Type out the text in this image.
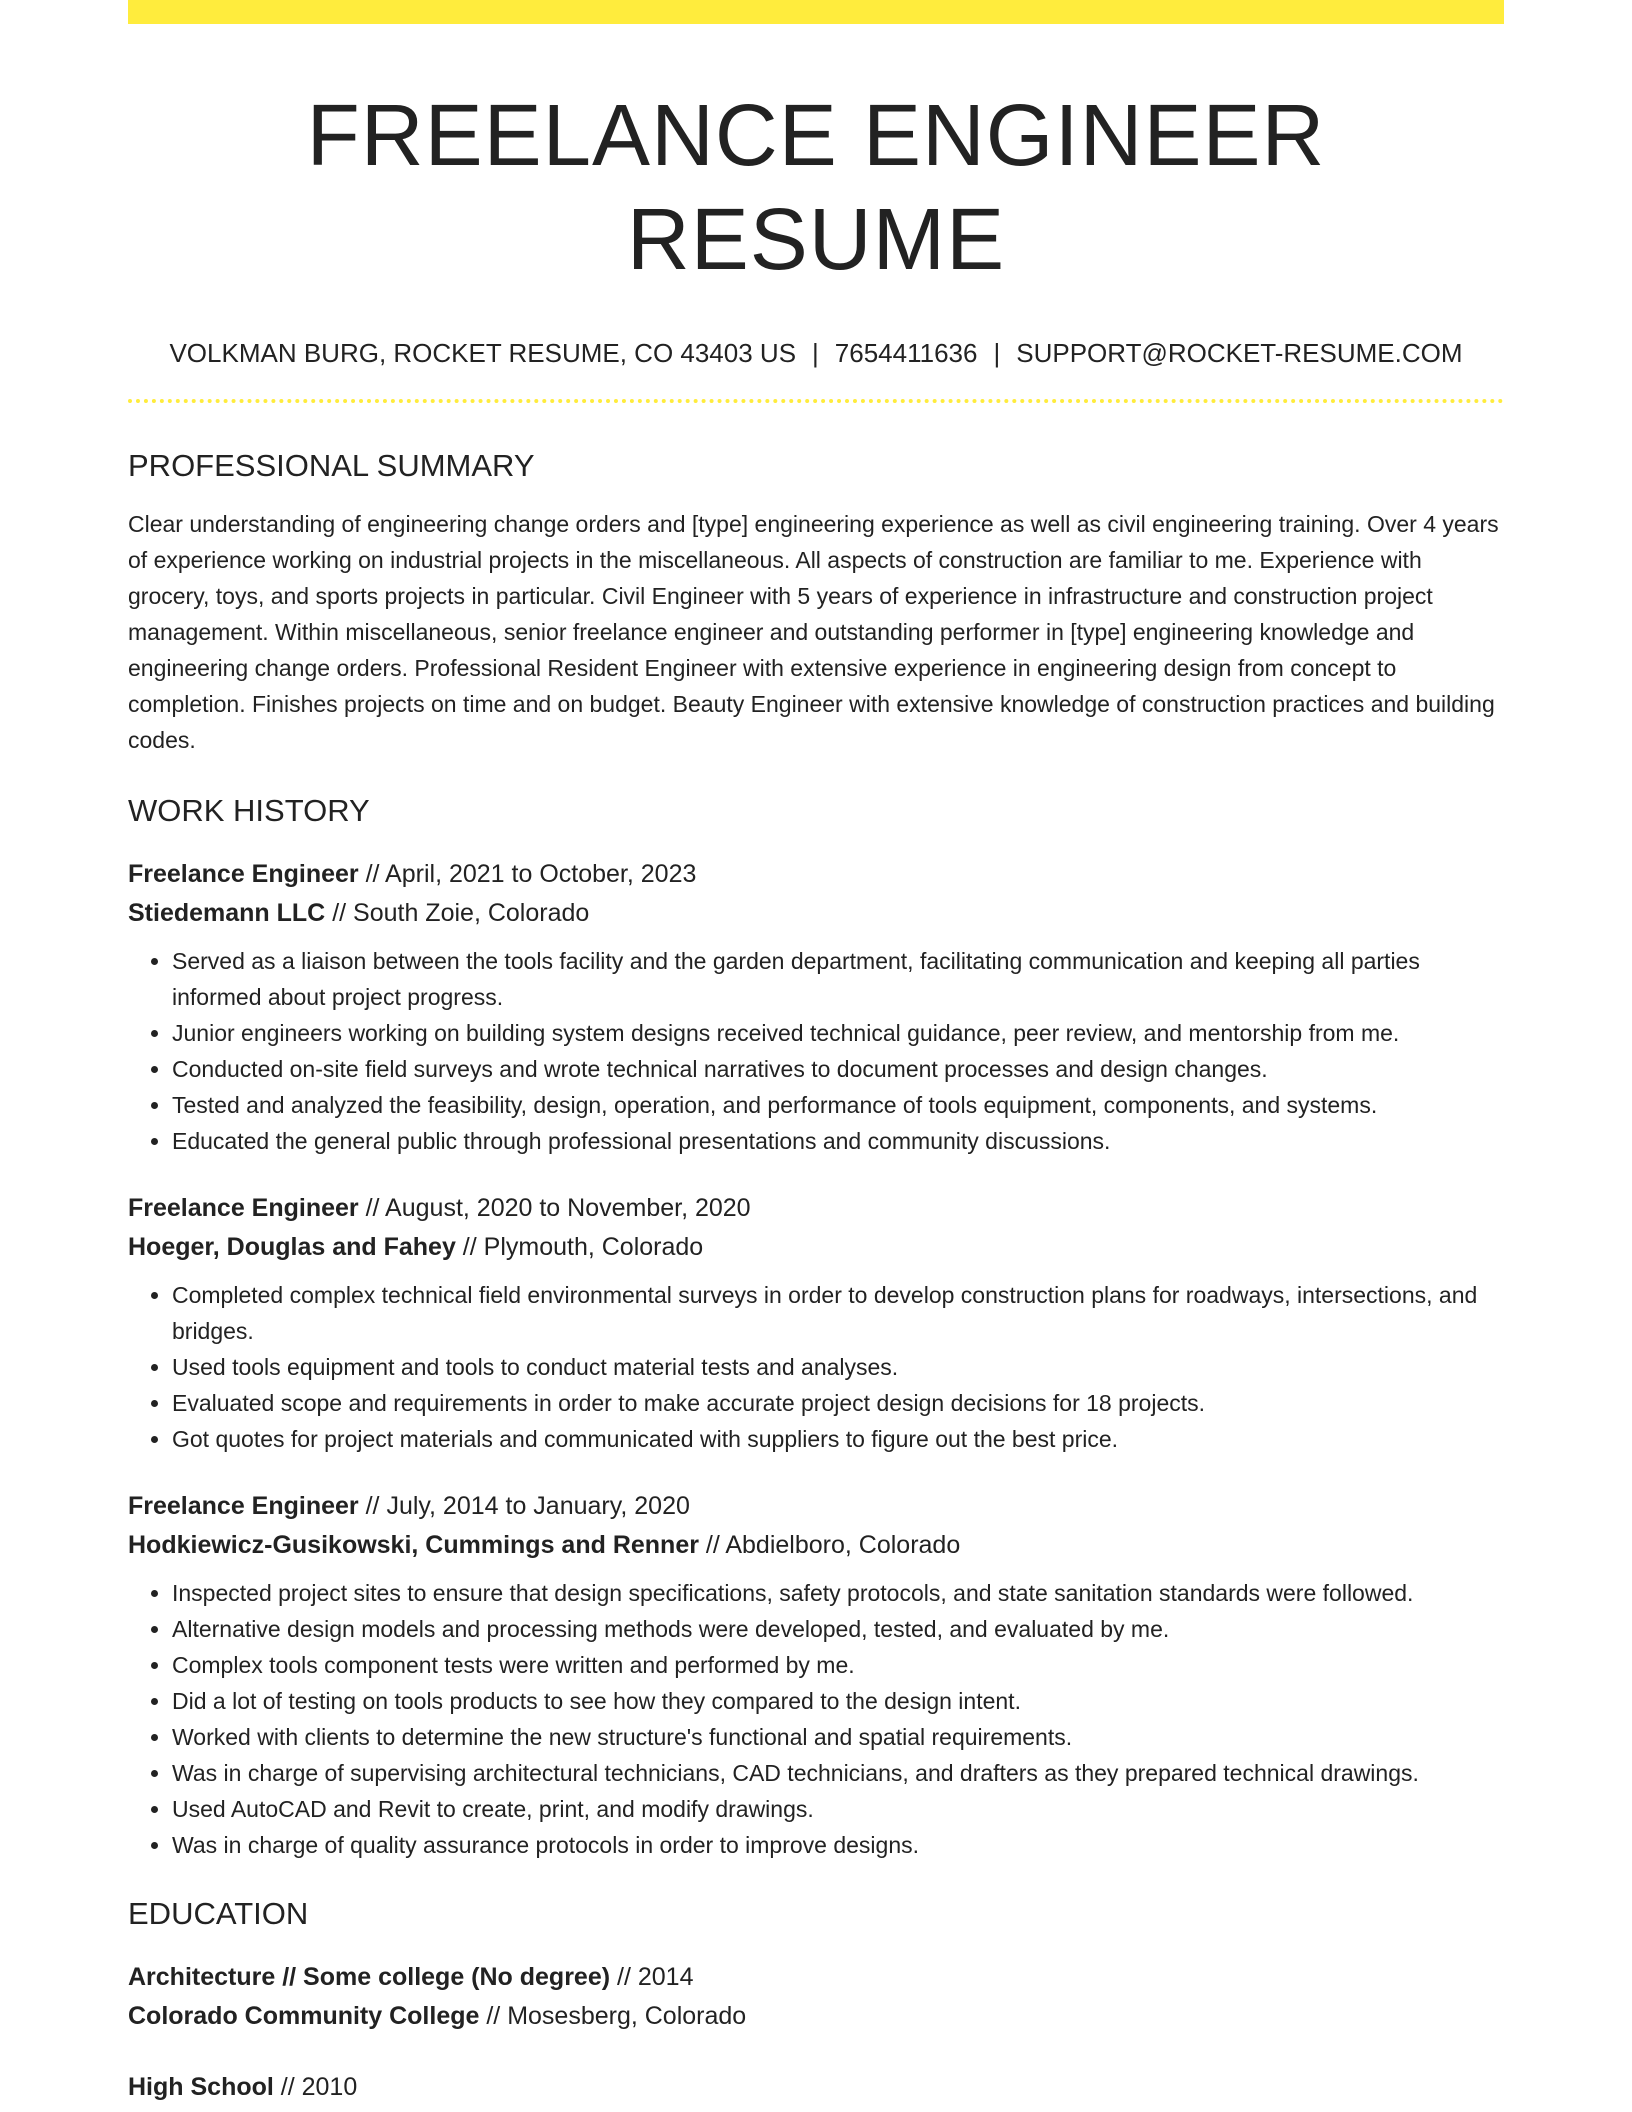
FREELANCE ENGINEER RESUME
VOLKMAN BURG, ROCKET RESUME, CO 43403 US | 7654411636 | SUPPORT@ROCKET-RESUME.COM
PROFESSIONAL SUMMARY

Clear understanding of engineering change orders and [type] engineering experience as well as civil engineering training. Over 4 years of experience working on industrial projects in the miscellaneous. All aspects of construction are familiar to me. Experience with grocery, toys, and sports projects in particular. Civil Engineer with 5 years of experience in infrastructure and construction project management. Within miscellaneous, senior freelance engineer and outstanding performer in [type] engineering knowledge and engineering change orders. Professional Resident Engineer with extensive experience in engineering design from concept to completion. Finishes projects on time and on budget. Beauty Engineer with extensive knowledge of construction practices and building codes.

WORK HISTORY
Freelance Engineer // April, 2021 to October, 2023
Stiedemann LLC // South Zoie, Colorado
• Served as a liaison between the tools facility and the garden department, facilitating communication and keeping all parties informed about project progress.
• Junior engineers working on building system designs received technical guidance, peer review, and mentorship from me.
• Conducted on-site field surveys and wrote technical narratives to document processes and design changes.
• Tested and analyzed the feasibility, design, operation, and performance of tools equipment, components, and systems.
• Educated the general public through professional presentations and community discussions.
Freelance Engineer // August, 2020 to November, 2020
Hoeger, Douglas and Fahey // Plymouth, Colorado
• Completed complex technical field environmental surveys in order to develop construction plans for roadways, intersections, and bridges.
• Used tools equipment and tools to conduct material tests and analyses.
• Evaluated scope and requirements in order to make accurate project design decisions for 18 projects.
• Got quotes for project materials and communicated with suppliers to figure out the best price.
Freelance Engineer // July, 2014 to January, 2020
Hodkiewicz-Gusikowski, Cummings and Renner // Abdielboro, Colorado
• Inspected project sites to ensure that design specifications, safety protocols, and state sanitation standards were followed.
• Alternative design models and processing methods were developed, tested, and evaluated by me.
• Complex tools component tests were written and performed by me.
• Did a lot of testing on tools products to see how they compared to the design intent.
• Worked with clients to determine the new structure's functional and spatial requirements.
• Was in charge of supervising architectural technicians, CAD technicians, and drafters as they prepared technical drawings.
• Used AutoCAD and Revit to create, print, and modify drawings.
• Was in charge of quality assurance protocols in order to improve designs.
EDUCATION
Architecture // Some college (No degree) // 2014
Colorado Community College // Mosesberg, Colorado
High School // 2010
